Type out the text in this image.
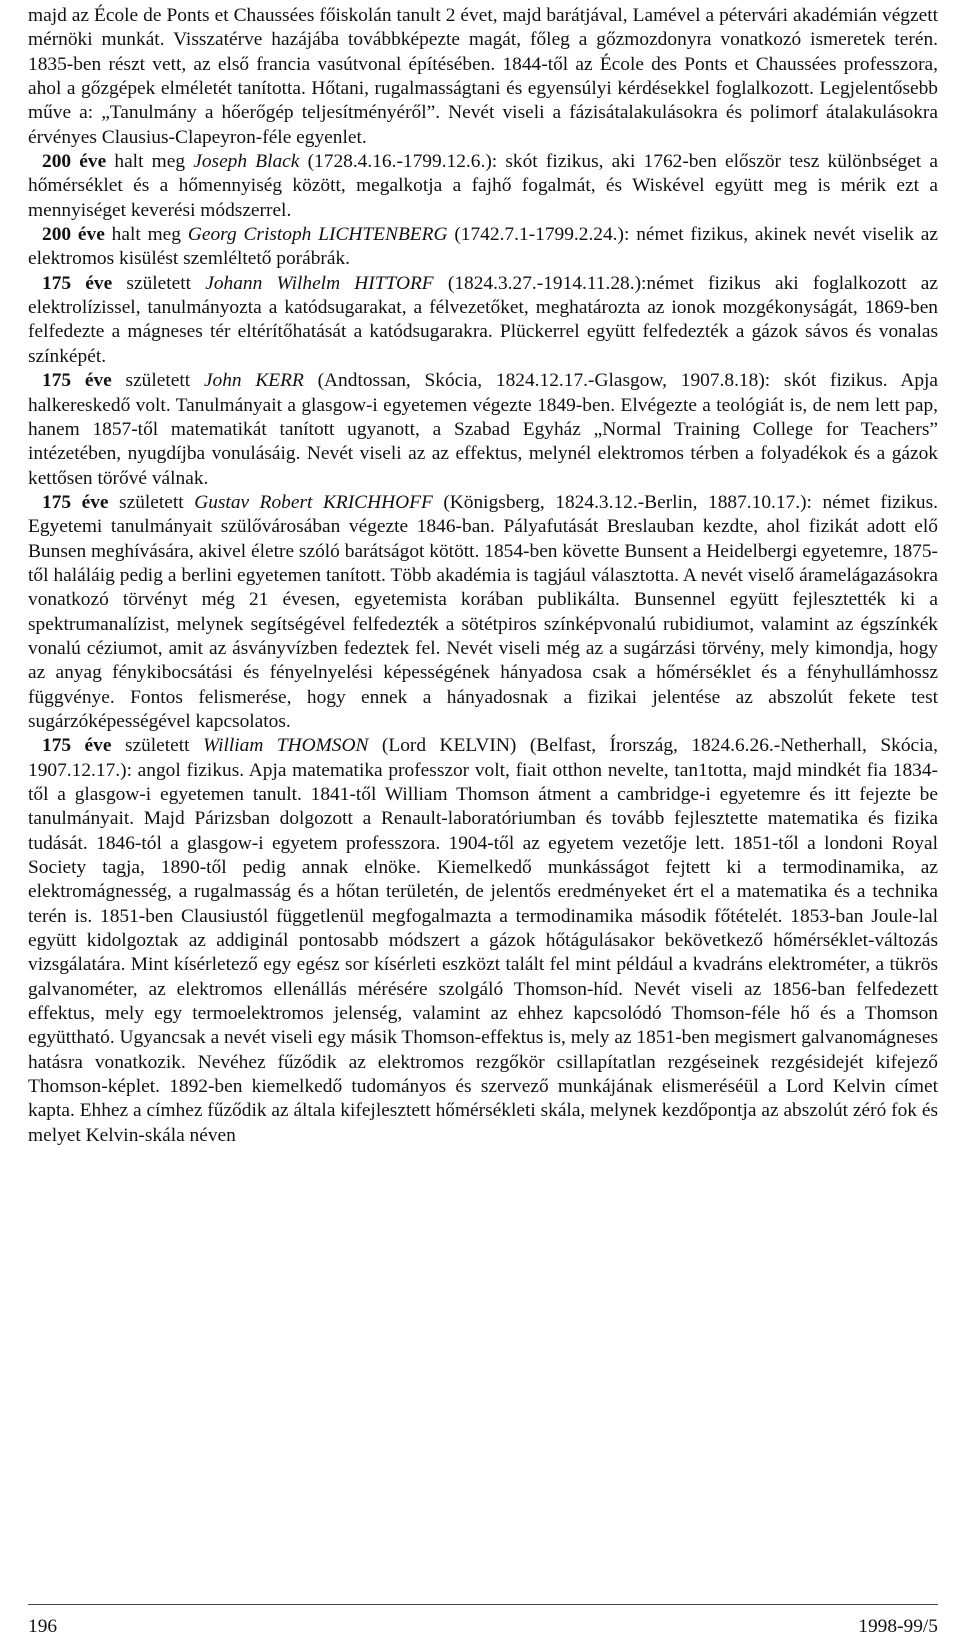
majd az École de Ponts et Chaussées főiskolán tanult 2 évet, majd barátjával, Lamével a pétervári akadémián végzett mérnöki munkát. Visszatérve hazájába továbbképezte magát, főleg a gőzmozdonyra vonatkozó ismeretek terén. 1835-ben részt vett, az első francia vasútvonal építésében. 1844-től az École des Ponts et Chaussées professzora, ahol a gőzgépek elméletét tanította. Hőtani, rugalmasságtani és egyensúlyi kérdésekkel foglalkozott. Legjelentősebb műve a: „Tanulmány a hőerőgép teljesítményéről”. Nevét viseli a fázisátalakulásokra és polimorf átalakulásokra érvényes Clausius-Clapeyron-féle egyenlet.

200 éve halt meg Joseph Black (1728.4.16.-1799.12.6.): skót fizikus, aki 1762-ben először tesz különbséget a hőmérséklet és a hőmennyiség között, megalkotja a fajhő fogalmát, és Wiskével együtt meg is mérik ezt a mennyiséget keverési módszerrel.

200 éve halt meg Georg Cristoph LICHTENBERG (1742.7.1-1799.2.24.): német fizikus, akinek nevét viselik az elektromos kisülést szemléltető porábrák.

175 éve született Johann Wilhelm HITTORF (1824.3.27.-1914.11.28.):német fizikus aki foglalkozott az elektrolízissel, tanulmányozta a katódsugarakat, a félvezetőket, meghatározta az ionok mozgékonyságát, 1869-ben felfedezte a mágneses tér eltérítőhatását a katódsugarakra. Plückerrel együtt felfedezték a gázok sávos és vonalas színképét.

175 éve született John KERR (Andtossan, Skócia, 1824.12.17.-Glasgow, 1907.8.18): skót fizikus. Apja halkereskedő volt. Tanulmányait a glasgow-i egyetemen végezte 1849-ben. Elvégezte a teológiát is, de nem lett pap, hanem 1857-től matematikát tanított ugyanott, a Szabad Egyház „Normal Training College for Teachers” intézetében, nyugdíjba vonulásáig. Nevét viseli az az effektus, melynél elektromos térben a folyadékok és a gázok kettősen törővé válnak.

175 éve született Gustav Robert KRICHHOFF (Königsberg, 1824.3.12.-Berlin, 1887.10.17.): német fizikus. Egyetemi tanulmányait szülővárosában végezte 1846-ban. Pályafutását Breslauban kezdte, ahol fizikát adott elő Bunsen meghívására, akivel életre szóló barátságot kötött. 1854-ben követte Bunsent a Heidelbergi egyetemre, 1875-től haláláig pedig a berlini egyetemen tanított. Több akadémia is tagjául választotta. A nevét viselő áramelágazásokra vonatkozó törvényt még 21 évesen, egyetemista korában publikálta. Bunsennel együtt fejlesztették ki a spektrumanalízist, melynek segítségével felfedezték a sötétpiros színképvonalú rubidiumot, valamint az égszínkék vonalú céziumot, amit az ásványvízben fedeztek fel. Nevét viseli még az a sugárzási törvény, mely kimondja, hogy az anyag fénykibocsátási és fényelnyelési képességének hányadosa csak a hőmérséklet és a fényhullámhossz függvénye. Fontos felismerése, hogy ennek a hányadosnak a fizikai jelentése az abszolút fekete test sugárzóképességével kapcsolatos.

175 éve született William THOMSON (Lord KELVIN) (Belfast, Írország, 1824.6.26.-Netherhall, Skócia, 1907.12.17.): angol fizikus. Apja matematika professzor volt, fiait otthon nevelte, tan1totta, majd mindkét fia 1834-től a glasgow-i egyetemen tanult. 1841-től William Thomson átment a cambridge-i egyetemre és itt fejezte be tanulmányait. Majd Párizsban dolgozott a Renault-laboratóriumban és tovább fejlesztette matematika és fizika tudását. 1846-tól a glasgow-i egyetem professzora. 1904-től az egyetem vezetője lett. 1851-től a londoni Royal Society tagja, 1890-től pedig annak elnöke. Kiemelkedő munkásságot fejtett ki a termodinamika, az elektromágnesség, a rugalmasság és a hőtan területén, de jelentős eredményeket ért el a matematika és a technika terén is. 1851-ben Clausiustól függetlenül megfogalmazta a termodinamika második főtételét. 1853-ban Joule-lal együtt kidolgoztak az addiginál pontosabb módszert a gázok hőtágulásakor bekövetkező hőmérséklet-változás vizsgálatára. Mint kísérletező egy egész sor kísérleti eszközt talált fel mint például a kvadráns elektrométer, a tükrös galvanométer, az elektromos ellenállás mérésére szolgáló Thomson-híd. Nevét viseli az 1856-ban felfedezett effektus, mely egy termoelektromos jelenség, valamint az ehhez kapcsolódó Thomson-féle hő és a Thomson együttható. Ugyancsak a nevét viseli egy másik Thomson-effektus is, mely az 1851-ben megismert galvanomágneses hatásra vonatkozik. Nevéhez fűződik az elektromos rezgőkör csillapítatlan rezgéseinek rezgésidejét kifejező Thomson-képlet. 1892-ben kiemelkedő tudományos és szervező munkájának elismeréséül a Lord Kelvin címet kapta. Ehhez a címhez fűződik az általa kifejlesztett hőmérsékleti skála, melynek kezdőpontja az abszolút zéró fok és melyet Kelvin-skála néven

196	1998-99/5
